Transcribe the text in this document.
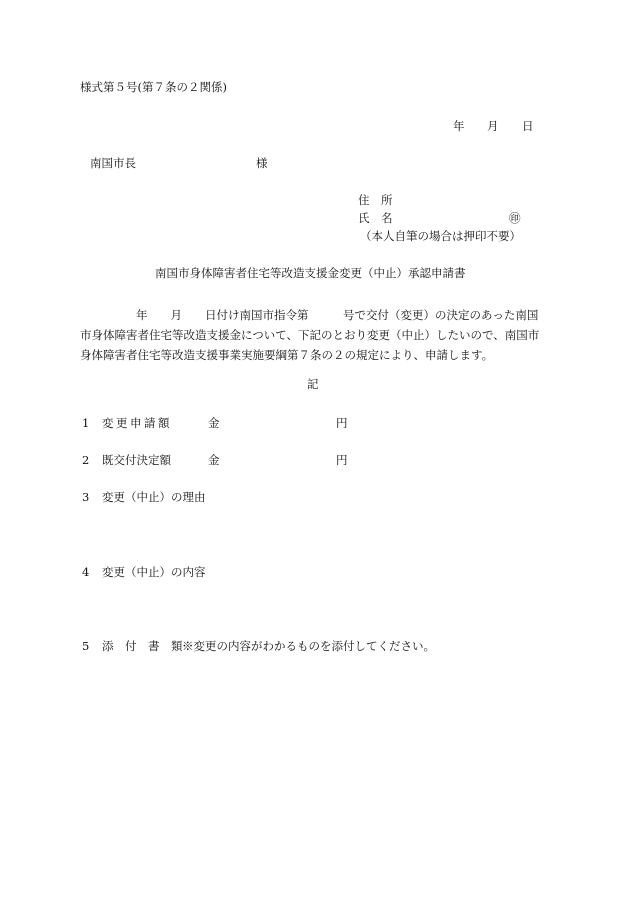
様式第５号(第７条の２関係)
年 月 日
南国市長	様
住　所
氏　名	㊞
（本人自筆の場合は押印不要）
南国市身体障害者住宅等改造支援金変更（中止）承認申請書
年　　月　　日付け南国市指令第　　　号で交付（変更）の決定のあった南国
市身体障害者住宅等改造支援金について、下記のとおり変更（中止）したいので、南国市
身体障害者住宅等改造支援事業実施要綱第７条の２の規定により、申請します。
記
1 変更申請額	金	円
2 既交付決定額	金	円
3 変更（中止）の理由
4 変更（中止）の内容
5 添　付　書　類 ※変更の内容がわかるものを添付してください。
